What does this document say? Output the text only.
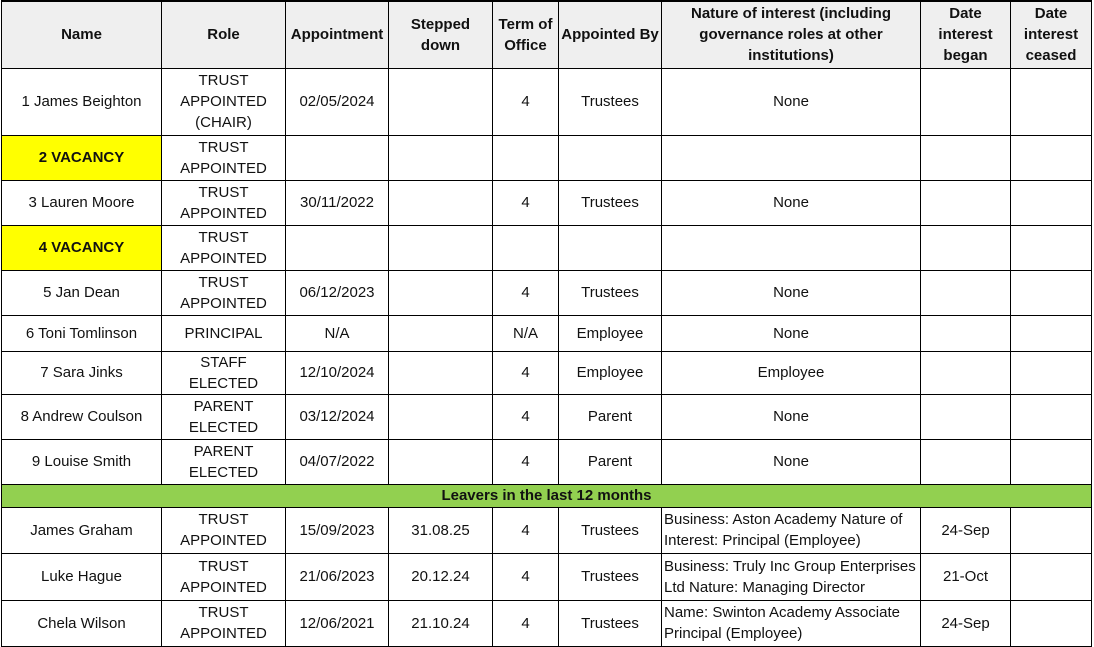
Name	Role	Appointment	Stepped down	Term of Office	Appointed By	Nature of interest (including governance roles at other institutions)	Date interest began	Date interest ceased
1 James Beighton	TRUST APPOINTED (CHAIR)	02/05/2024		4	Trustees	None		
2 VACANCY	TRUST APPOINTED							
3 Lauren Moore	TRUST APPOINTED	30/11/2022		4	Trustees	None		
4 VACANCY	TRUST APPOINTED							
5 Jan Dean	TRUST APPOINTED	06/12/2023		4	Trustees	None		
6 Toni Tomlinson	PRINCIPAL	N/A		N/A	Employee	None		
7 Sara Jinks	STAFF ELECTED	12/10/2024		4	Employee	Employee		
8 Andrew Coulson	PARENT ELECTED	03/12/2024		4	Parent	None		
9 Louise Smith	PARENT ELECTED	04/07/2022		4	Parent	None		
Leavers in the last 12 months								
James Graham	TRUST APPOINTED	15/09/2023	31.08.25	4	Trustees	Business: Aston Academy Nature of Interest: Principal (Employee)	24-Sep	
Luke Hague	TRUST APPOINTED	21/06/2023	20.12.24	4	Trustees	Business: Truly Inc Group Enterprises Ltd Nature: Managing Director	21-Oct	
Chela Wilson	TRUST APPOINTED	12/06/2021	21.10.24	4	Trustees	Name: Swinton Academy Associate Principal (Employee)	24-Sep	
